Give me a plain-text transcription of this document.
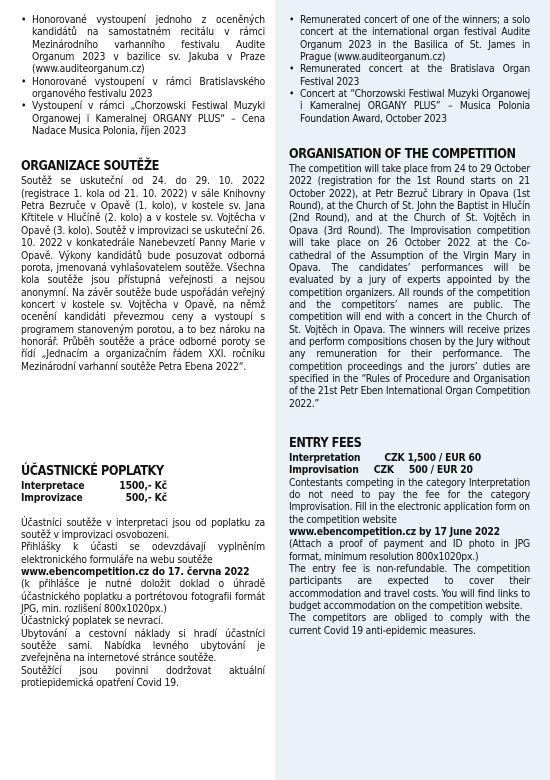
• Honorované vystoupení jednoho z oceněných kandidátů na samostatném recitálu v rámci Mezinárodního varhanního festivalu Audite Organum 2023 v bazilice sv. Jakuba v Praze (www.auditeorganum.cz)
• Honorované vystoupení v rámci Bratislavského organového festivalu 2023
• Vystoupení v rámci „Chorzowski Festiwal Muzyki Organowej i Kameralnej ORGANY PLUS“ – Cena Nadace Musica Polonia, říjen 2023
ORGANIZACE SOUTĚŽE

Soutěž se uskuteční od 24. do 29. 10. 2022 (registrace 1. kola od 21. 10. 2022) v sále Knihovny Petra Bezruče v Opavě (1. kolo), v kostele sv. Jana Křtitele v Hlučíně (2. kolo) a v kostele sv. Vojtěcha v Opavě (3. kolo). Soutěž v improvizaci se uskuteční 26. 10. 2022 v konkatedrále Nanebevzetí Panny Marie v Opavě. Výkony kandidátů bude posuzovat odborná porota, jmenovaná vyhlašovatelem soutěže. Všechna kola soutěže jsou přístupná veřejnosti a nejsou anonymní. Na závěr soutěže bude uspořádán veřejný koncert v kostele sv. Vojtěcha v Opavě, na němž ocenění kandidáti převezmou ceny a vystoupí s programem stanoveným porotou, a to bez nároku na honorář. Průběh soutěže a práce odborné poroty se řídí „Jednacím a organizačním řádem XXI. ročníku Mezinárodní varhanní soutěže Petra Ebena 2022“.

ÚČASTNICKÉ POPLATKY
Interpretace	1500,- Kč
Improvizace	500,- Kč

Účastníci soutěže v interpretaci jsou od poplatku za soutěž v improvizaci osvobozeni.

Přihlášky k účasti se odevzdávají vyplněním elektronického formuláře na webu soutěže

www.ebencompetition.cz do 17. června 2022

(k přihlášce je nutné doložit doklad o úhradě účastnického poplatku a portrétovou fotografii formát JPG, min. rozlišení 800x1020px.)

Účastnický poplatek se nevrací.

Ubytování a cestovní náklady si hradí účastníci soutěže sami. Nabídka levného ubytování je zveřejněna na internetové stránce soutěže.

Soutěžící jsou povinni dodržovat aktuální protiepidemická opatření Covid 19.

• Remunerated concert of one of the winners; a solo concert at the international organ festival Audite Organum 2023 in the Basilica of St. James in Prague (www.auditeorganum.cz)
• Remunerated concert at the Bratislava Organ Festival 2023
• Concert at “Chorzowski Festiwal Muzyki Organowej i Kameralnej ORGANY PLUS” – Musica Polonia Foundation Award, October 2023
ORGANISATION OF THE COMPETITION

The competition will take place from 24 to 29 October 2022 (registration for the 1st Round starts on 21 October 2022), at Petr Bezruč Library in Opava (1st Round), at the Church of St. John the Baptist in Hlučín (2nd Round), and at the Church of St. Vojtěch in Opava (3rd Round). The Improvisation competition will take place on 26 October 2022 at the Co-cathedral of the Assumption of the Virgin Mary in Opava. The candidates’ performances will be evaluated by a jury of experts appointed by the competition organizers. All rounds of the competition and the competitors’ names are public. The competition will end with a concert in the Church of St. Vojtěch in Opava. The winners will receive prizes and perform compositions chosen by the Jury without any remuneration for their performance. The competition proceedings and the jurors’ duties are specified in the “Rules of Procedure and Organisation of the 21st Petr Eben International Organ Competition 2022.”

ENTRY FEES

Interpretation        CZK 1,500 / EUR 60

Improvisation     CZK     500 / EUR 20

Contestants competing in the category Interpretation do not need to pay the fee for the category Improvisation. Fill in the electronic application form on the competition website

www.ebencompetition.cz by 17 June 2022

(Attach a proof of payment and ID photo in JPG format, minimum resolution 800x1020px.)

The entry fee is non-refundable. The competition participants are expected to cover their accommodation and travel costs. You will find links to budget accommodation on the competition website.

The competitors are obliged to comply with the current Covid 19 anti-epidemic measures.
